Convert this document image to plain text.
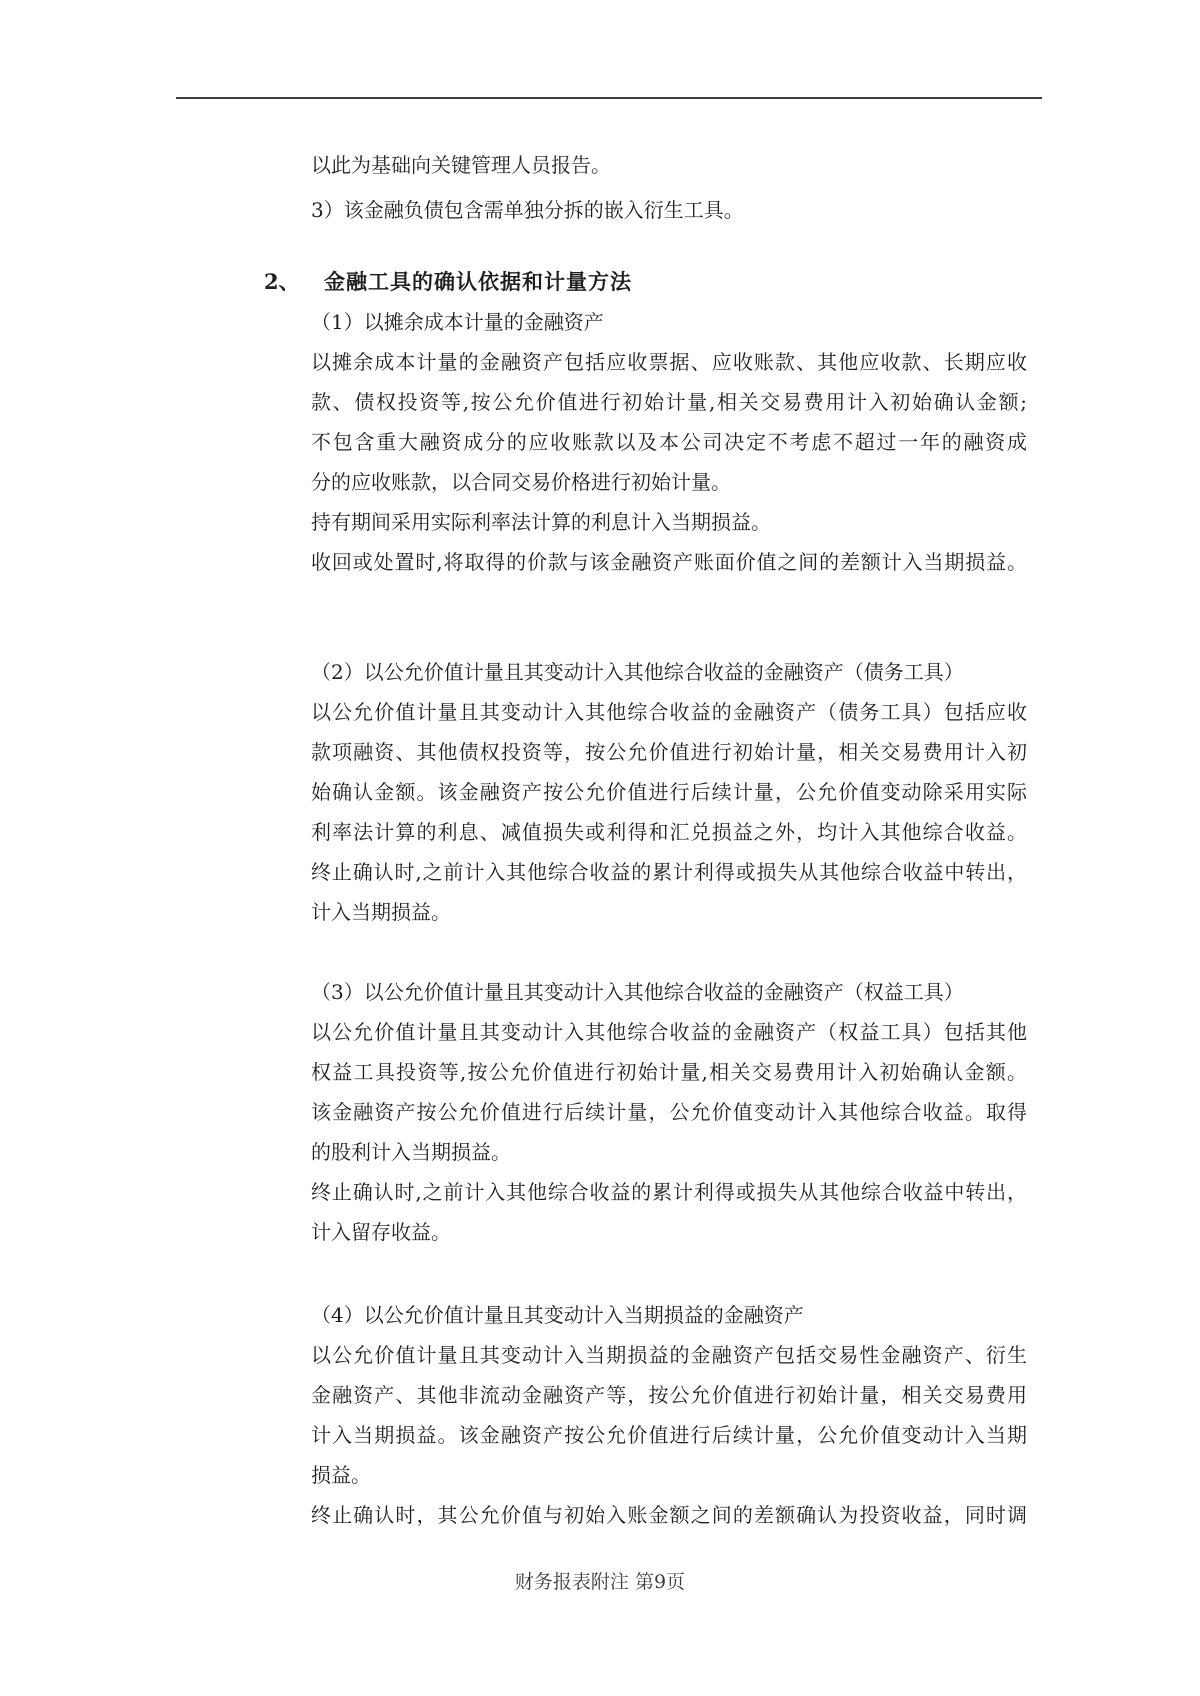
以此为基础向关键管理人员报告。
3）该金融负债包含需单独分拆的嵌入衍生工具。
2、 金融工具的确认依据和计量方法
（1）以摊余成本计量的金融资产
以摊余成本计量的金融资产包括应收票据、应收账款、其他应收款、长期应收
款、债权投资等,按公允价值进行初始计量,相关交易费用计入初始确认金额;
不包含重大融资成分的应收账款以及本公司决定不考虑不超过一年的融资成
分的应收账款，以合同交易价格进行初始计量。
持有期间采用实际利率法计算的利息计入当期损益。
收回或处置时,将取得的价款与该金融资产账面价值之间的差额计入当期损益。
（2）以公允价值计量且其变动计入其他综合收益的金融资产（债务工具）
以公允价值计量且其变动计入其他综合收益的金融资产（债务工具）包括应收
款项融资、其他债权投资等，按公允价值进行初始计量，相关交易费用计入初
始确认金额。该金融资产按公允价值进行后续计量，公允价值变动除采用实际
利率法计算的利息、减值损失或利得和汇兑损益之外，均计入其他综合收益。
终止确认时,之前计入其他综合收益的累计利得或损失从其他综合收益中转出，
计入当期损益。
（3）以公允价值计量且其变动计入其他综合收益的金融资产（权益工具）
以公允价值计量且其变动计入其他综合收益的金融资产（权益工具）包括其他
权益工具投资等,按公允价值进行初始计量,相关交易费用计入初始确认金额。
该金融资产按公允价值进行后续计量，公允价值变动计入其他综合收益。取得
的股利计入当期损益。
终止确认时,之前计入其他综合收益的累计利得或损失从其他综合收益中转出，
计入留存收益。
（4）以公允价值计量且其变动计入当期损益的金融资产
以公允价值计量且其变动计入当期损益的金融资产包括交易性金融资产、衍生
金融资产、其他非流动金融资产等，按公允价值进行初始计量，相关交易费用
计入当期损益。该金融资产按公允价值进行后续计量，公允价值变动计入当期
损益。
终止确认时，其公允价值与初始入账金额之间的差额确认为投资收益，同时调
财务报表附注 第9页
